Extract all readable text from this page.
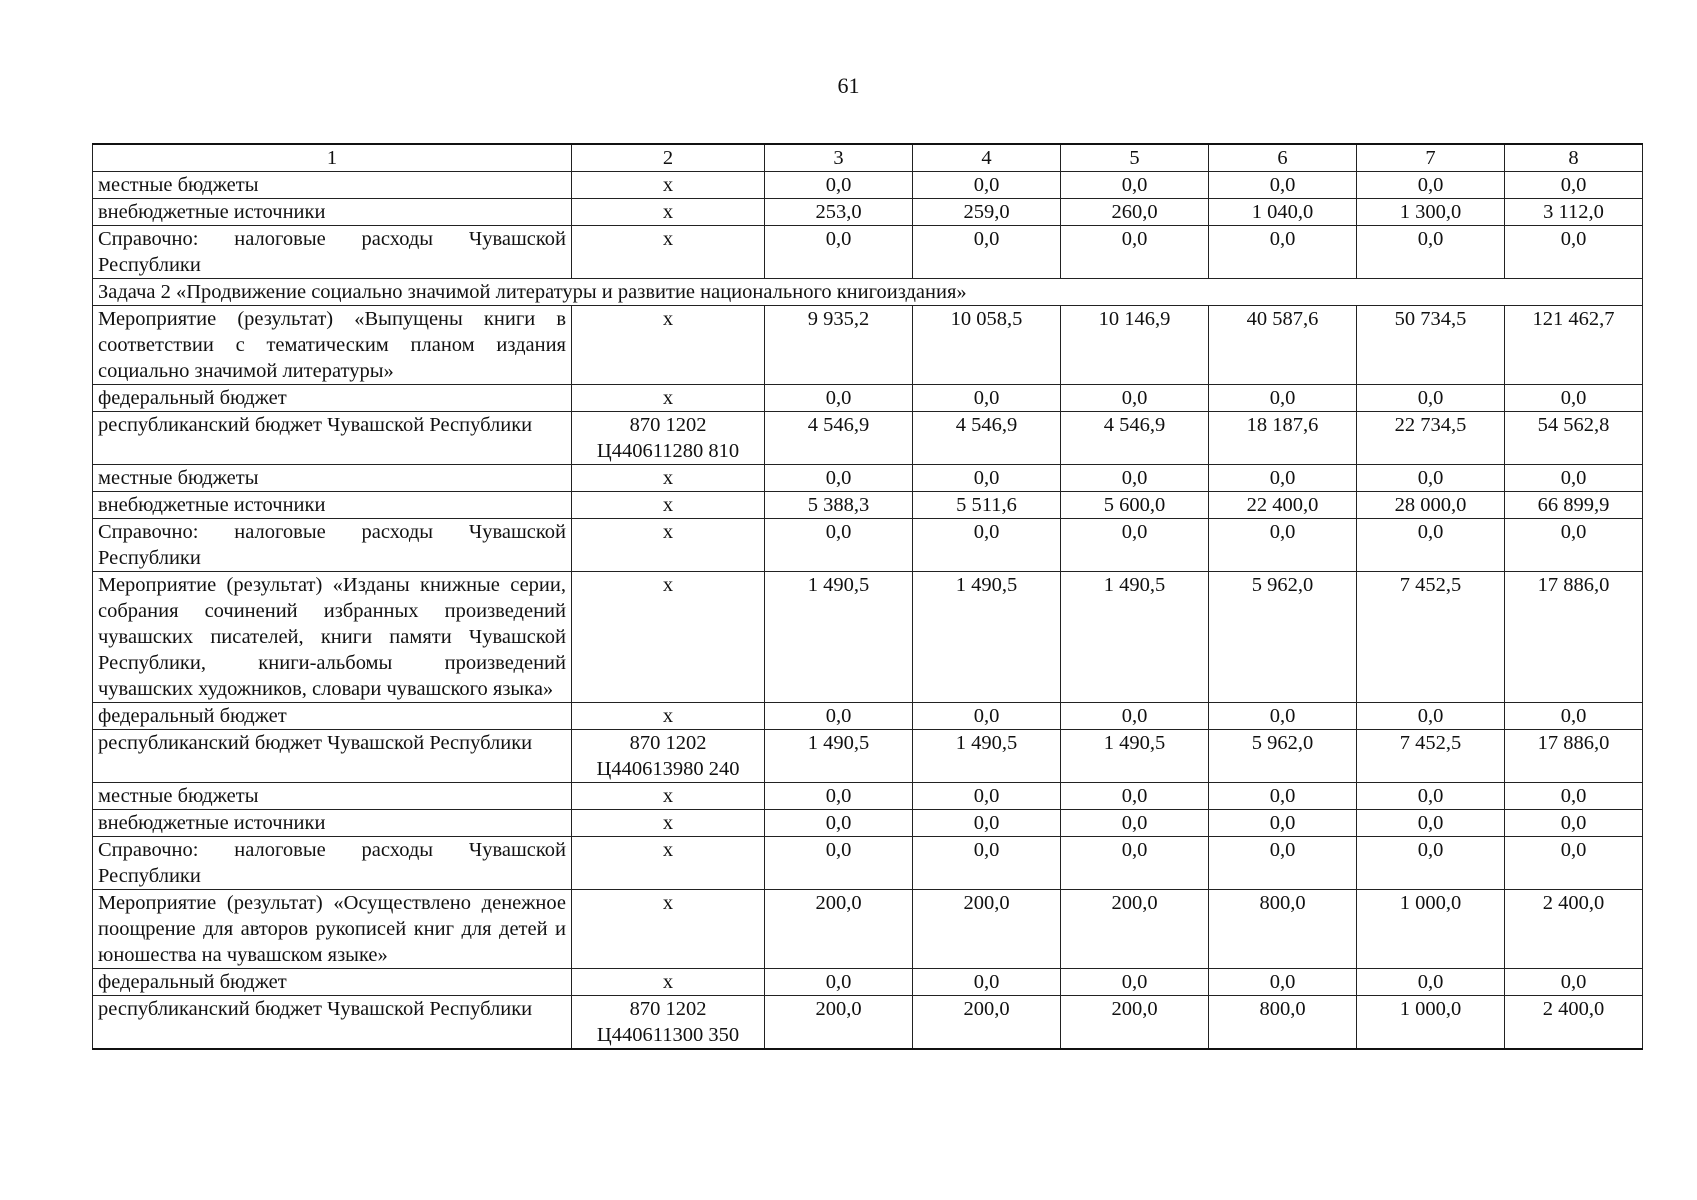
61
1	2	3	4	5	6	7	8
местные бюджеты	х	0,0	0,0	0,0	0,0	0,0	0,0
внебюджетные источники	х	253,0	259,0	260,0	1 040,0	1 300,0	3 112,0
Справочно: налоговые расходы Чувашской Республики	х	0,0	0,0	0,0	0,0	0,0	0,0
Задача 2 «Продвижение социально значимой литературы и развитие национального книгоиздания»							
Мероприятие (результат) «Выпущены книги в соответствии с тематическим планом издания социально значимой литературы»	х	9 935,2	10 058,5	10 146,9	40 587,6	50 734,5	121 462,7
федеральный бюджет	х	0,0	0,0	0,0	0,0	0,0	0,0
республиканский бюджет Чувашской Республики	870 1202 Ц440611280 810	4 546,9	4 546,9	4 546,9	18 187,6	22 734,5	54 562,8
местные бюджеты	х	0,0	0,0	0,0	0,0	0,0	0,0
внебюджетные источники	х	5 388,3	5 511,6	5 600,0	22 400,0	28 000,0	66 899,9
Справочно: налоговые расходы Чувашской Республики	х	0,0	0,0	0,0	0,0	0,0	0,0
Мероприятие (результат) «Изданы книжные серии, собрания сочинений избранных произведений чувашских писателей, книги памяти Чувашской Республики, книги-альбомы произведений чувашских художников, словари чувашского языка»	х	1 490,5	1 490,5	1 490,5	5 962,0	7 452,5	17 886,0
федеральный бюджет	х	0,0	0,0	0,0	0,0	0,0	0,0
республиканский бюджет Чувашской Республики	870 1202 Ц440613980 240	1 490,5	1 490,5	1 490,5	5 962,0	7 452,5	17 886,0
местные бюджеты	х	0,0	0,0	0,0	0,0	0,0	0,0
внебюджетные источники	х	0,0	0,0	0,0	0,0	0,0	0,0
Справочно: налоговые расходы Чувашской Республики	х	0,0	0,0	0,0	0,0	0,0	0,0
Мероприятие (результат) «Осуществлено денежное поощрение для авторов рукописей книг для детей и юношества на чувашском языке»	х	200,0	200,0	200,0	800,0	1 000,0	2 400,0
федеральный бюджет	х	0,0	0,0	0,0	0,0	0,0	0,0
республиканский бюджет Чувашской Республики	870 1202 Ц440611300 350	200,0	200,0	200,0	800,0	1 000,0	2 400,0
